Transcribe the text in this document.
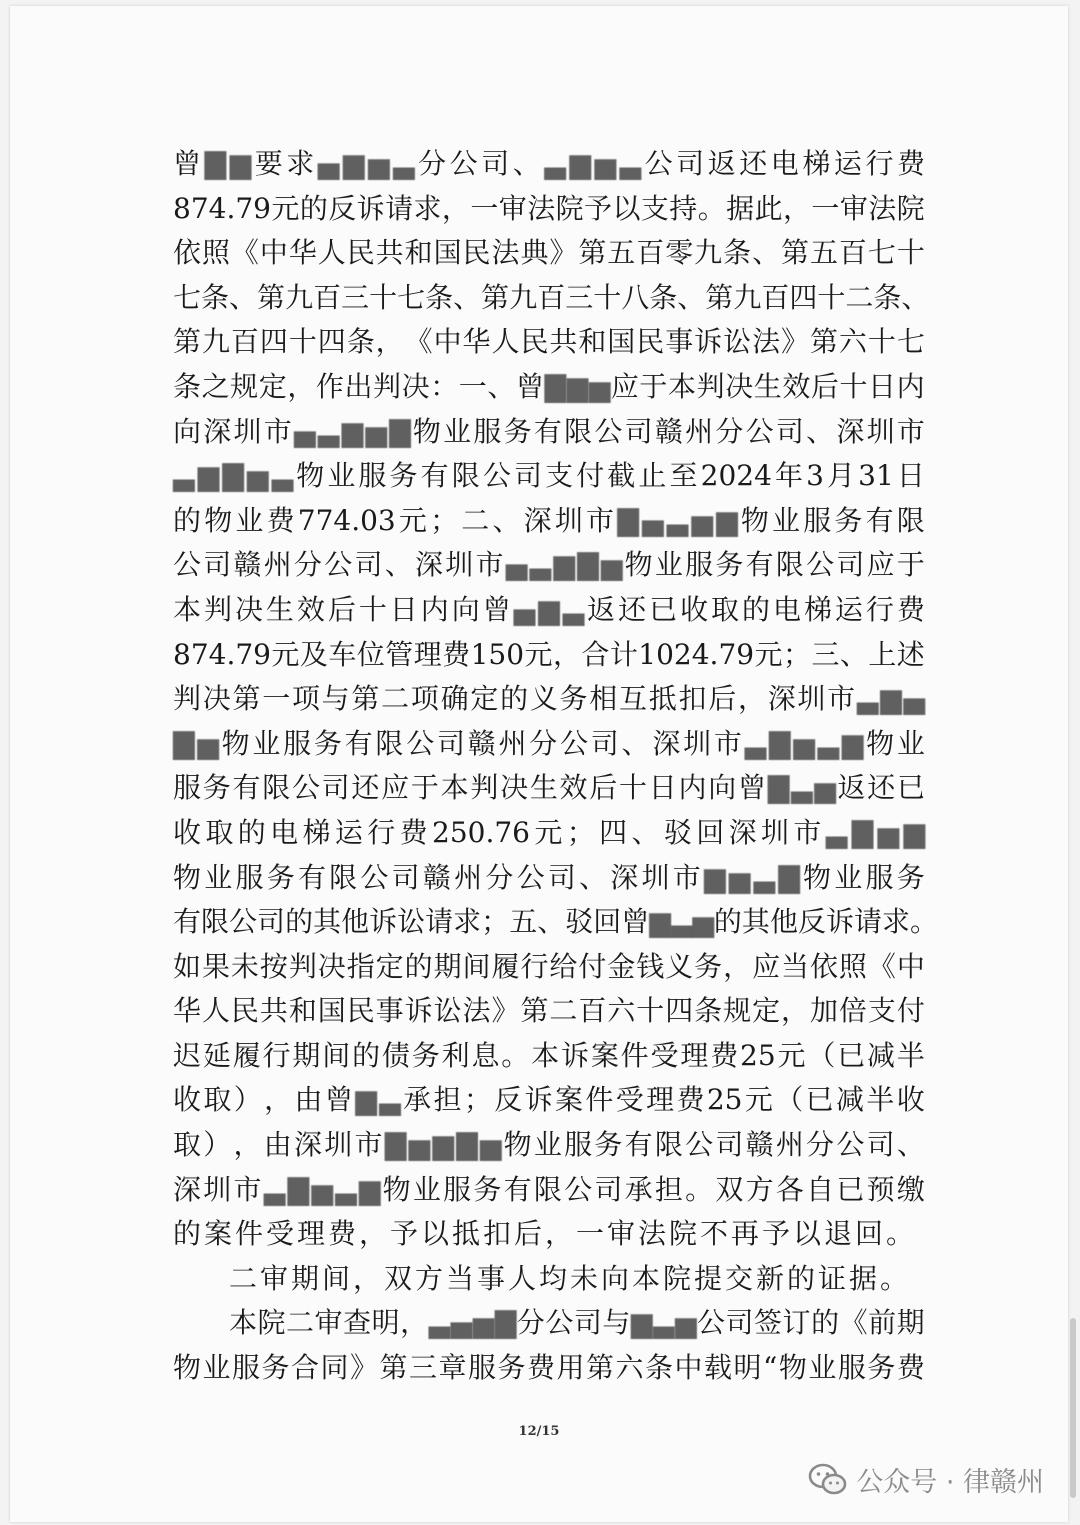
曾 ▇ ▆ 要 求 ▄ ▆ ▅ ▃ 分 公 司 、 ▃ ▆ ▅ ▃ 公 司 返 还 电 梯 运 行 费
874.79 元 的 反 诉 请 求 ， 一 审 法 院 予 以 支 持 。 据 此 ， 一 审 法 院
依 照 《 中 华 人 民 共 和 国 民 法 典 》 第 五 百 零 九 条 、 第 五 百 七 十
七 条 、 第 九 百 三 十 七 条 、 第 九 百 三 十 八 条 、 第 九 百 四 十 二 条 、
第 九 百 四 十 四 条 ， 《 中 华 人 民 共 和 国 民 事 诉 讼 法 》 第 六 十 七
条 之 规 定 ， 作 出 判 决 ： 一 、 曾 ▇ ▆ ▅ 应 于 本 判 决 生 效 后 十 日 内
向 深 圳 市 ▄ ▃ ▆ ▅ ▇ 物 业 服 务 有 限 公 司 赣 州 分 公 司 、 深 圳 市
▃ ▆ ▇ ▅ ▃ 物 业 服 务 有 限 公 司 支 付 截 止 至 2024 年 3 月 31 日
的 物 业 费 774.03 元 ； 二 、 深 圳 市 ▇ ▄ ▃ ▅ ▆ 物 业 服 务 有 限
公 司 赣 州 分 公 司 、 深 圳 市 ▄ ▃ ▆ ▇ ▅ 物 业 服 务 有 限 公 司 应 于
本 判 决 生 效 后 十 日 内 向 曾 ▄ ▆ ▃ 返 还 已 收 取 的 电 梯 运 行 费
874.79 元 及 车 位 管 理 费 150 元 ， 合 计 1024.79 元 ； 三 、 上 述
判 决 第 一 项 与 第 二 项 确 定 的 义 务 相 互 抵 扣 后 ， 深 圳 市 ▃ ▆ ▄
▇ ▅ 物 业 服 务 有 限 公 司 赣 州 分 公 司 、 深 圳 市 ▃ ▇ ▅ ▃ ▆ 物 业
服 务 有 限 公 司 还 应 于 本 判 决 生 效 后 十 日 内 向 曾 ▇ ▃ ▅ 返 还 已
收 取 的 电 梯 运 行 费 250.76 元 ； 四 、 驳 回 深 圳 市 ▃ ▇ ▅ ▆
物 业 服 务 有 限 公 司 赣 州 分 公 司 、 深 圳 市 ▆ ▅ ▃ ▇ 物 业 服 务
有 限 公 司 的 其 他 诉 讼 请 求 ； 五 、 驳 回 曾 ▆ ▃ ▅ 的 其 他 反 诉 请 求 。
如 果 未 按 判 决 指 定 的 期 间 履 行 给 付 金 钱 义 务 ， 应 当 依 照 《 中
华 人 民 共 和 国 民 事 诉 讼 法 》 第 二 百 六 十 四 条 规 定 ， 加 倍 支 付
迟 延 履 行 期 间 的 债 务 利 息 。 本 诉 案 件 受 理 费 25 元 （ 已 减 半
收 取 ） ， 由 曾 ▆ ▃ 承 担 ； 反 诉 案 件 受 理 费 25 元 （ 已 减 半 收
取 ） ， 由 深 圳 市 ▇ ▅ ▆ ▇ ▅ 物 业 服 务 有 限 公 司 赣 州 分 公 司 、
深 圳 市 ▃ ▇ ▅ ▃ ▆ 物 业 服 务 有 限 公 司 承 担 。 双 方 各 自 已 预 缴
的案件受理费，予以抵扣后，一审法院不再予以退回。
二审期间，双方当事人均未向本院提交新的证据。
本 院 二 审 查 明 ， ▃ ▄ ▅ ▇ 分 公 司 与 ▆ ▃ ▅ 公 司 签 订 的 《 前 期
物 业 服 务 合 同 》 第 三 章 服 务 费 用 第 六 条 中 载 明 “ 物 业 服 务 费
12/15
公众号 · 律赣州
